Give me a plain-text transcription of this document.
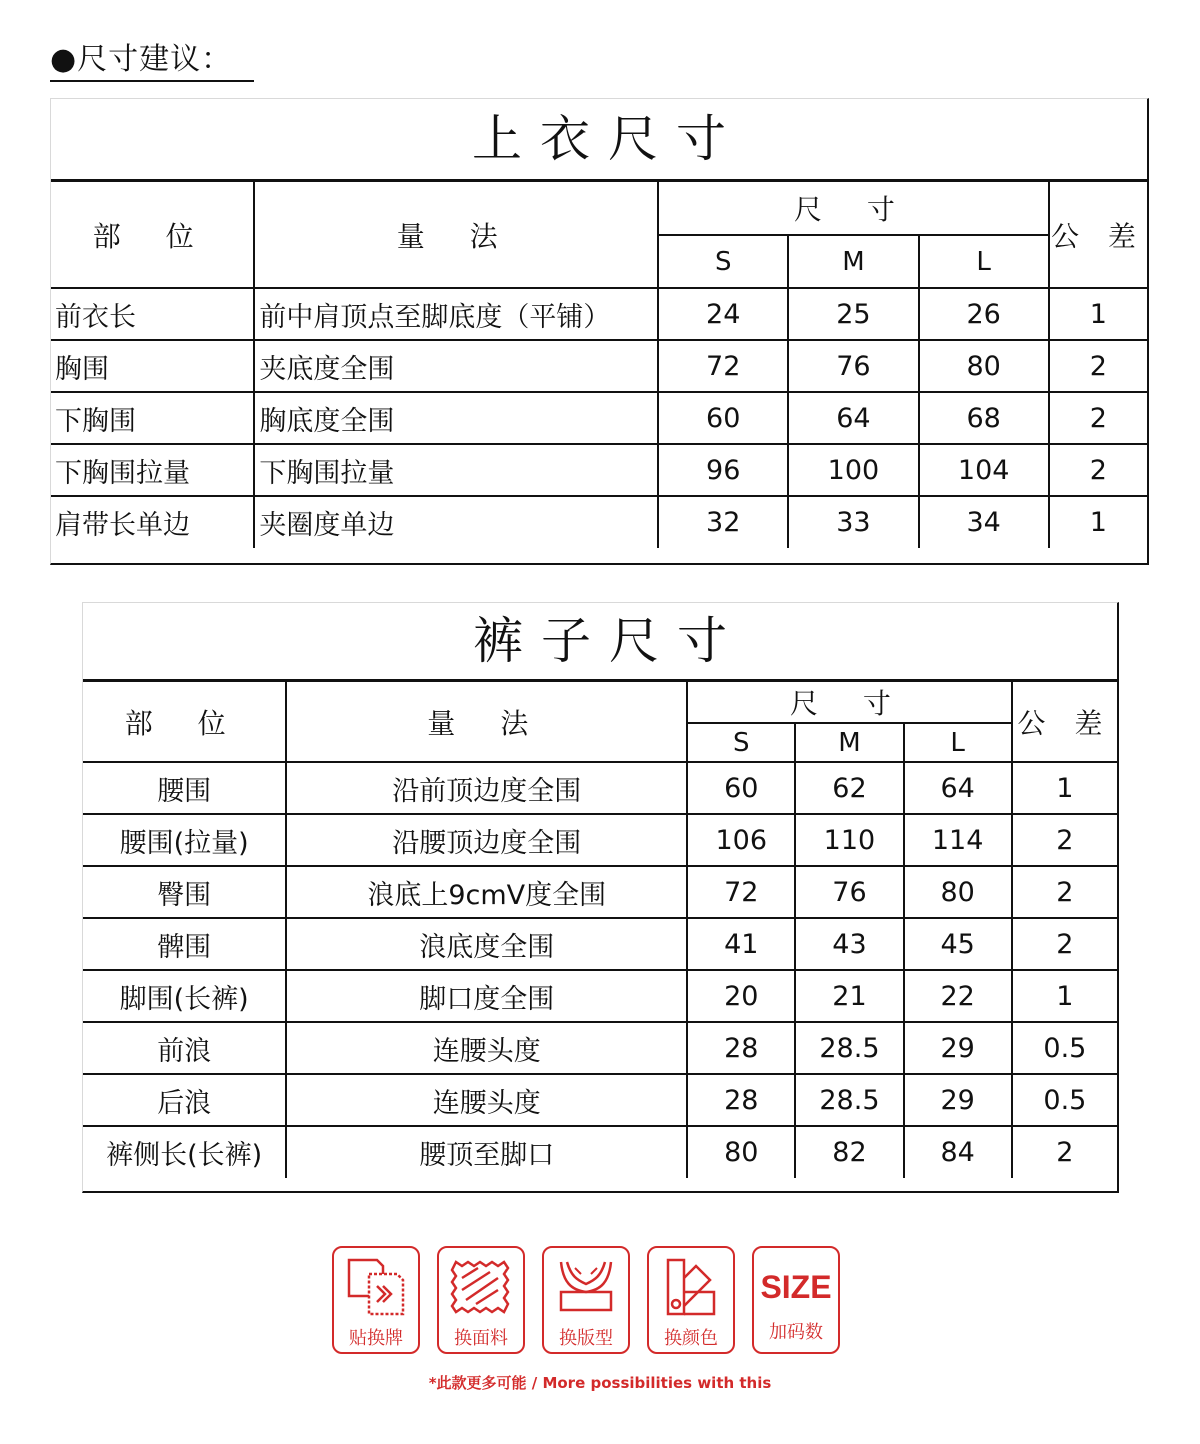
●尺寸建议：
上衣尺寸
部 位	量 法	尺 寸			公 差
		S	M	L	
前衣长	前中肩顶点至脚底度（平铺）	24	25	26	1
胸围	夹底度全围	72	76	80	2
下胸围	胸底度全围	60	64	68	2
下胸围拉量	下胸围拉量	96	100	104	2
肩带长单边	夹圈度单边	32	33	34	1
裤子尺寸
部 位	量 法	尺 寸			公 差
		S	M	L	
腰围	沿前顶边度全围	60	62	64	1
腰围(拉量)	沿腰顶边度全围	106	110	114	2
臀围	浪底上9cmV度全围	72	76	80	2
髀围	浪底度全围	41	43	45	2
脚围(长裤)	脚口度全围	20	21	22	1
前浪	连腰头度	28	28.5	29	0.5
后浪	连腰头度	28	28.5	29	0.5
裤侧长(长裤)	腰顶至脚口	80	82	84	2
贴换牌	换面料	换版型	换颜色
SIZE
加码数
*此款更多可能 / More possibilities with this
